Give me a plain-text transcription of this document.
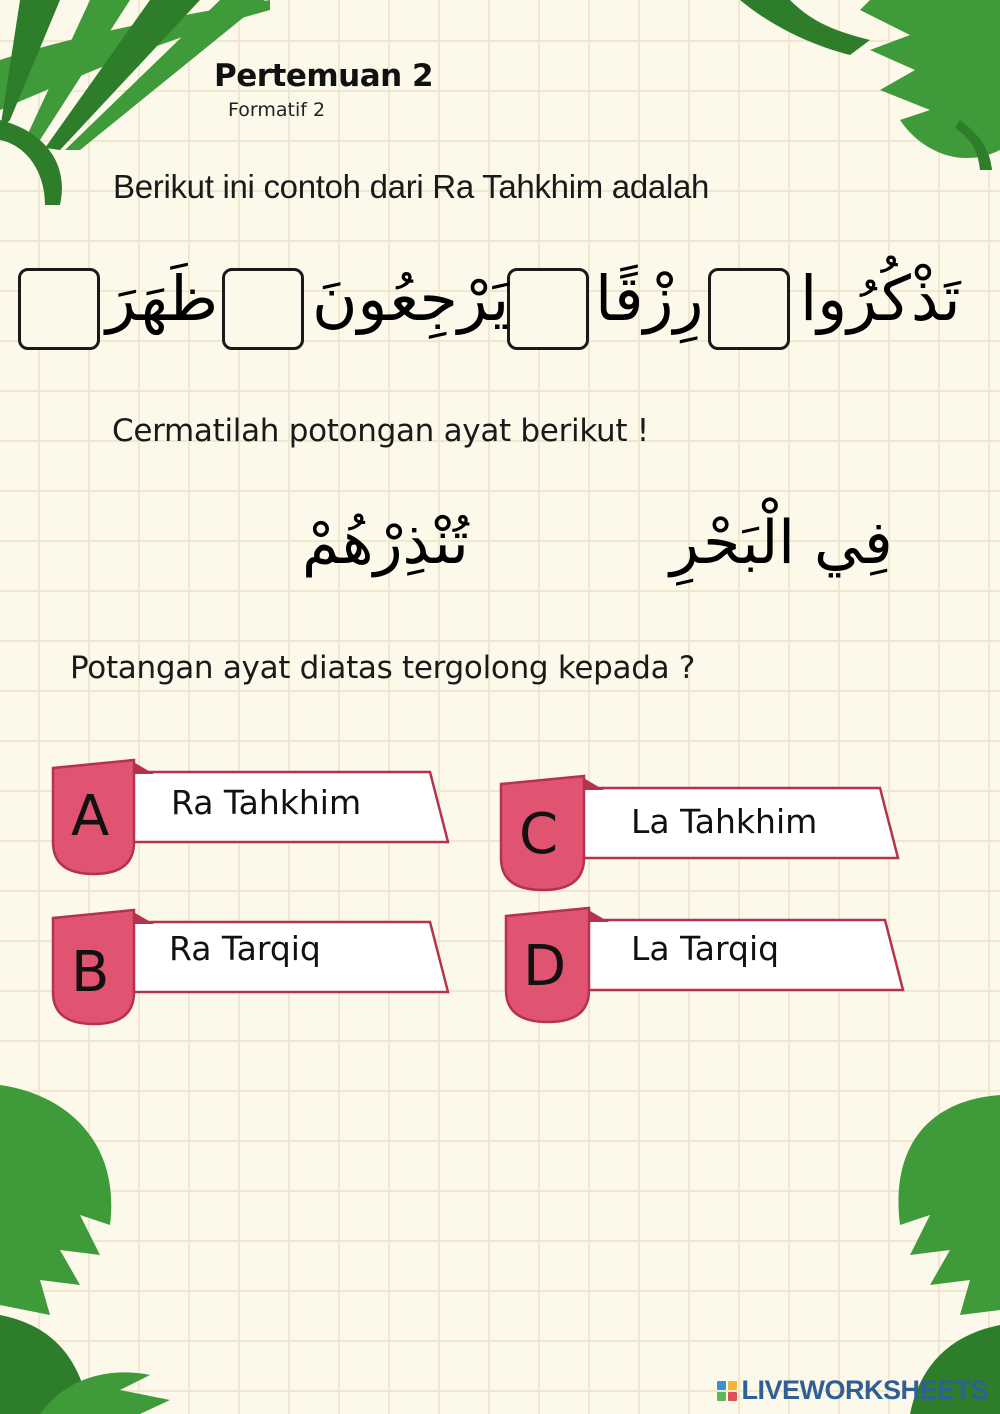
Pertemuan 2
Formatif 2
Berikut ini contoh dari Ra Tahkhim adalah
تَذْكُرُوا
رِزْقًا
يَرْجِعُونَ
ظَهَرَ
Cermatilah potongan ayat berikut !
فِي الْبَحْرِ
تُنْذِرْهُمْ
Potangan ayat diatas tergolong kepada ?
A Ra Tahkhim
B Ra Tarqiq
C La Tahkhim
D La Tarqiq
LIVEWORKSHEETS
